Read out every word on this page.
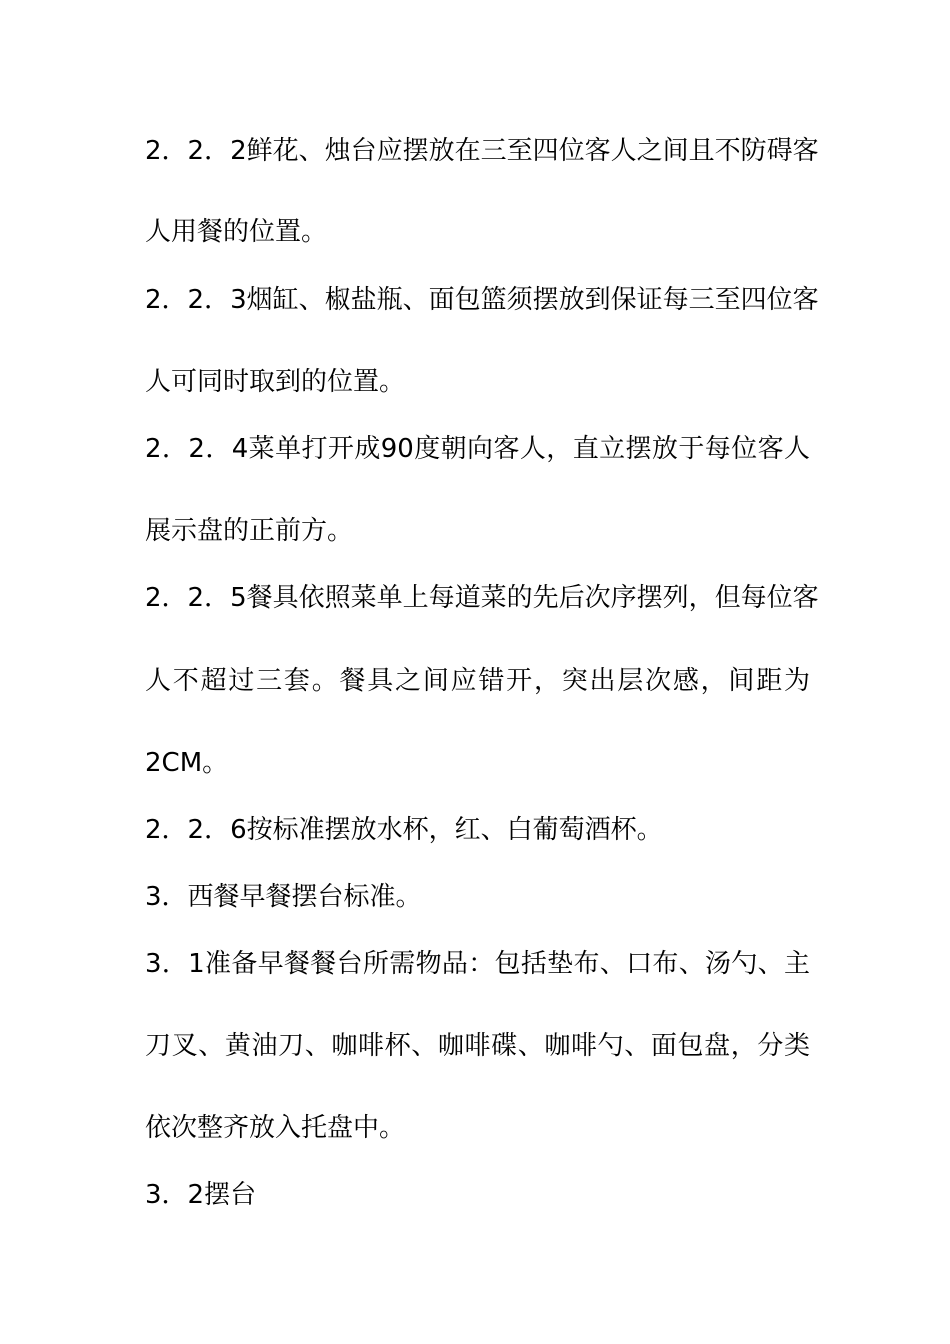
2．2．2鲜花、烛台应摆放在三至四位客人之间且不防碍客
人用餐的位置。
2．2．3烟缸、椒盐瓶、面包篮须摆放到保证每三至四位客
人可同时取到的位置。
2．2．4菜单打开成90度朝向客人，直立摆放于每位客人
展示盘的正前方。
2．2．5餐具依照菜单上每道菜的先后次序摆列，但每位客
人不超过三套。餐具之间应错开，突出层次感，间距为
2CM。
2．2．6按标准摆放水杯，红、白葡萄酒杯。
3．西餐早餐摆台标准。
3．1准备早餐餐台所需物品：包括垫布、口布、汤勺、主
刀叉、黄油刀、咖啡杯、咖啡碟、咖啡勺、面包盘，分类
依次整齐放入托盘中。
3．2摆台
